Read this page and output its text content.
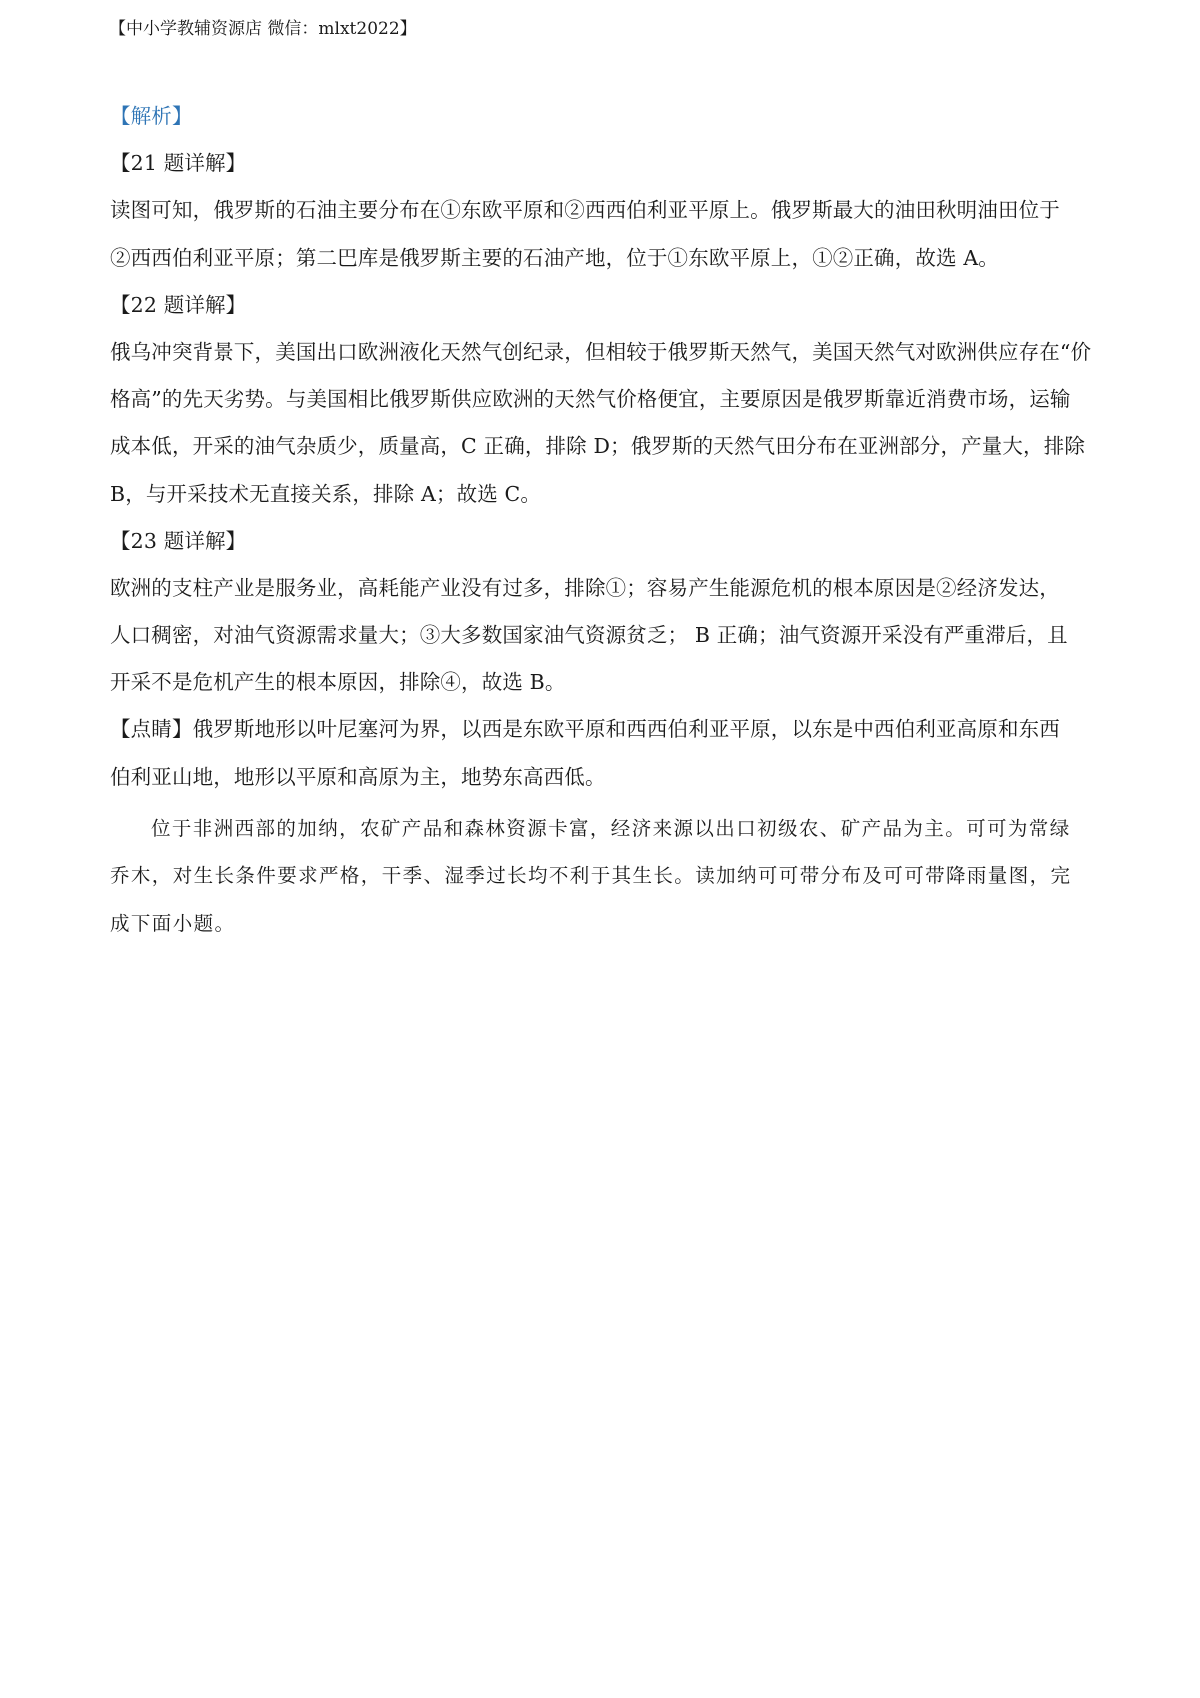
【中小学教辅资源店 微信：mlxt2022】
【解析】
【21 题详解】
读图可知，俄罗斯的石油主要分布在①东欧平原和②西西伯利亚平原上。俄罗斯最大的油田秋明油田位于
②西西伯利亚平原；第二巴库是俄罗斯主要的石油产地，位于①东欧平原上，①②正确，故选 A。
【22 题详解】
俄乌冲突背景下，美国出口欧洲液化天然气创纪录，但相较于俄罗斯天然气，美国天然气对欧洲供应存在“价
格高”的先天劣势。与美国相比俄罗斯供应欧洲的天然气价格便宜，主要原因是俄罗斯靠近消费市场，运输
成本低，开采的油气杂质少，质量高，C 正确，排除 D；俄罗斯的天然气田分布在亚洲部分，产量大，排除
B，与开采技术无直接关系，排除 A；故选 C。
【23 题详解】
欧洲的支柱产业是服务业，高耗能产业没有过多，排除①；容易产生能源危机的根本原因是②经济发达，
人口稠密，对油气资源需求量大；③大多数国家油气资源贫乏； B 正确；油气资源开采没有严重滞后，且
开采不是危机产生的根本原因，排除④，故选 B。
【点睛】俄罗斯地形以叶尼塞河为界，以西是东欧平原和西西伯利亚平原，以东是中西伯利亚高原和东西
伯利亚山地，地形以平原和高原为主，地势东高西低。
位于非洲西部的加纳，农矿产品和森林资源卡富，经济来源以出口初级农、矿产品为主。可可为常绿
乔木，对生长条件要求严格，干季、湿季过长均不利于其生长。读加纳可可带分布及可可带降雨量图，完
成下面小题。
